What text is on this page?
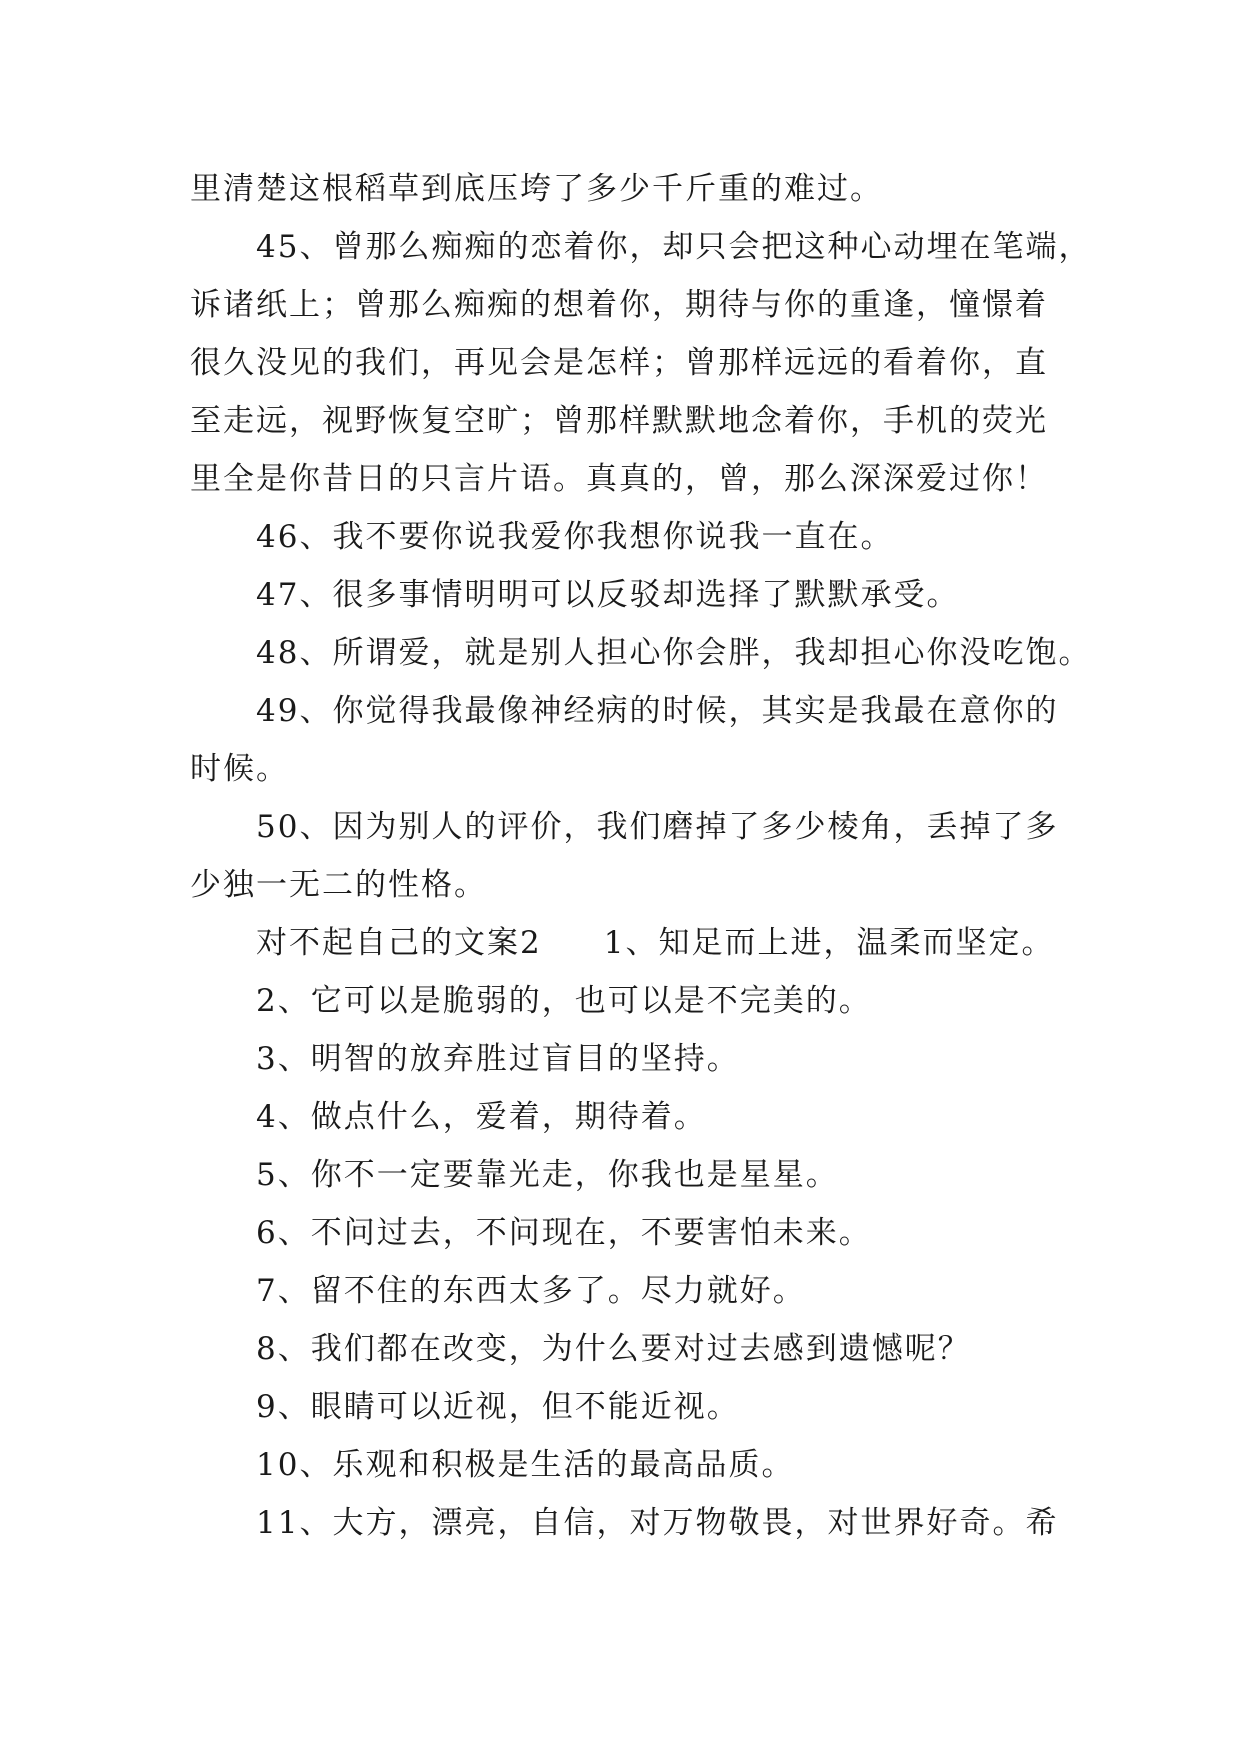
里清楚这根稻草到底压垮了多少千斤重的难过。
45、曾那么痴痴的恋着你，却只会把这种心动埋在笔端，
诉诸纸上；曾那么痴痴的想着你，期待与你的重逢，憧憬着
很久没见的我们，再见会是怎样；曾那样远远的看着你，直
至走远，视野恢复空旷；曾那样默默地念着你，手机的荧光
里全是你昔日的只言片语。真真的，曾，那么深深爱过你！
46、我不要你说我爱你我想你说我一直在。
47、很多事情明明可以反驳却选择了默默承受。
48、所谓爱，就是别人担心你会胖，我却担心你没吃饱。
49、你觉得我最像神经病的时候，其实是我最在意你的
时候。
50、因为别人的评价，我们磨掉了多少棱角，丢掉了多
少独一无二的性格。
对不起自己的文案2 1、知足而上进，温柔而坚定。
2、它可以是脆弱的，也可以是不完美的。
3、明智的放弃胜过盲目的坚持。
4、做点什么，爱着，期待着。
5、你不一定要靠光走，你我也是星星。
6、不问过去，不问现在，不要害怕未来。
7、留不住的东西太多了。尽力就好。
8、我们都在改变，为什么要对过去感到遗憾呢？
9、眼睛可以近视，但不能近视。
10、乐观和积极是生活的最高品质。
11、大方，漂亮，自信，对万物敬畏，对世界好奇。希
